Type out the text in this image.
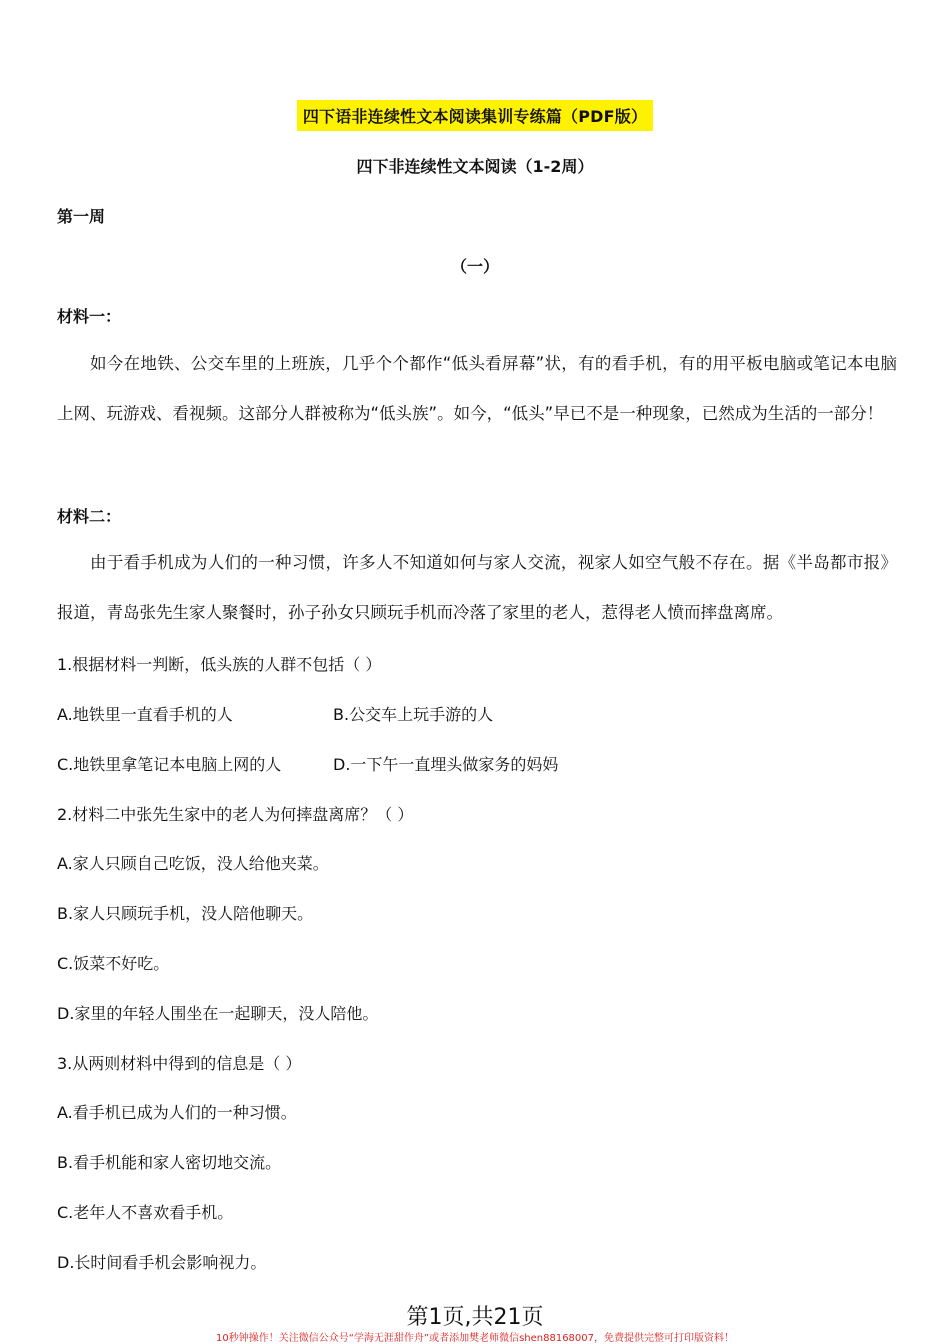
四下语非连续性文本阅读集训专练篇（PDF版）
四下非连续性文本阅读（1-2周）
第一周
（一）
材料一：
如今在地铁、公交车里的上班族，几乎个个都作“低头看屏幕”状，有的看手机，有的用平板电脑或笔记本电脑上网、玩游戏、看视频。这部分人群被称为“低头族”。如今，“低头”早已不是一种现象，已然成为生活的一部分！
材料二：
由于看手机成为人们的一种习惯，许多人不知道如何与家人交流，视家人如空气般不存在。据《半岛都市报》报道，青岛张先生家人聚餐时，孙子孙女只顾玩手机而冷落了家里的老人，惹得老人愤而摔盘离席。
1.根据材料一判断，低头族的人群不包括（ ）
A.地铁里一直看手机的人	B.公交车上玩手游的人
C.地铁里拿笔记本电脑上网的人	D.一下午一直埋头做家务的妈妈
2.材料二中张先生家中的老人为何摔盘离席？（ ）
A.家人只顾自己吃饭，没人给他夹菜。
B.家人只顾玩手机，没人陪他聊天。
C.饭菜不好吃。
D.家里的年轻人围坐在一起聊天，没人陪他。
3.从两则材料中得到的信息是（ ）
A.看手机已成为人们的一种习惯。
B.看手机能和家人密切地交流。
C.老年人不喜欢看手机。
D.长时间看手机会影响视力。
第1页,共21页
10秒钟操作！关注微信公众号“学海无涯甜作舟”或者添加樊老师微信shen88168007，免费提供完整可打印版资料！
